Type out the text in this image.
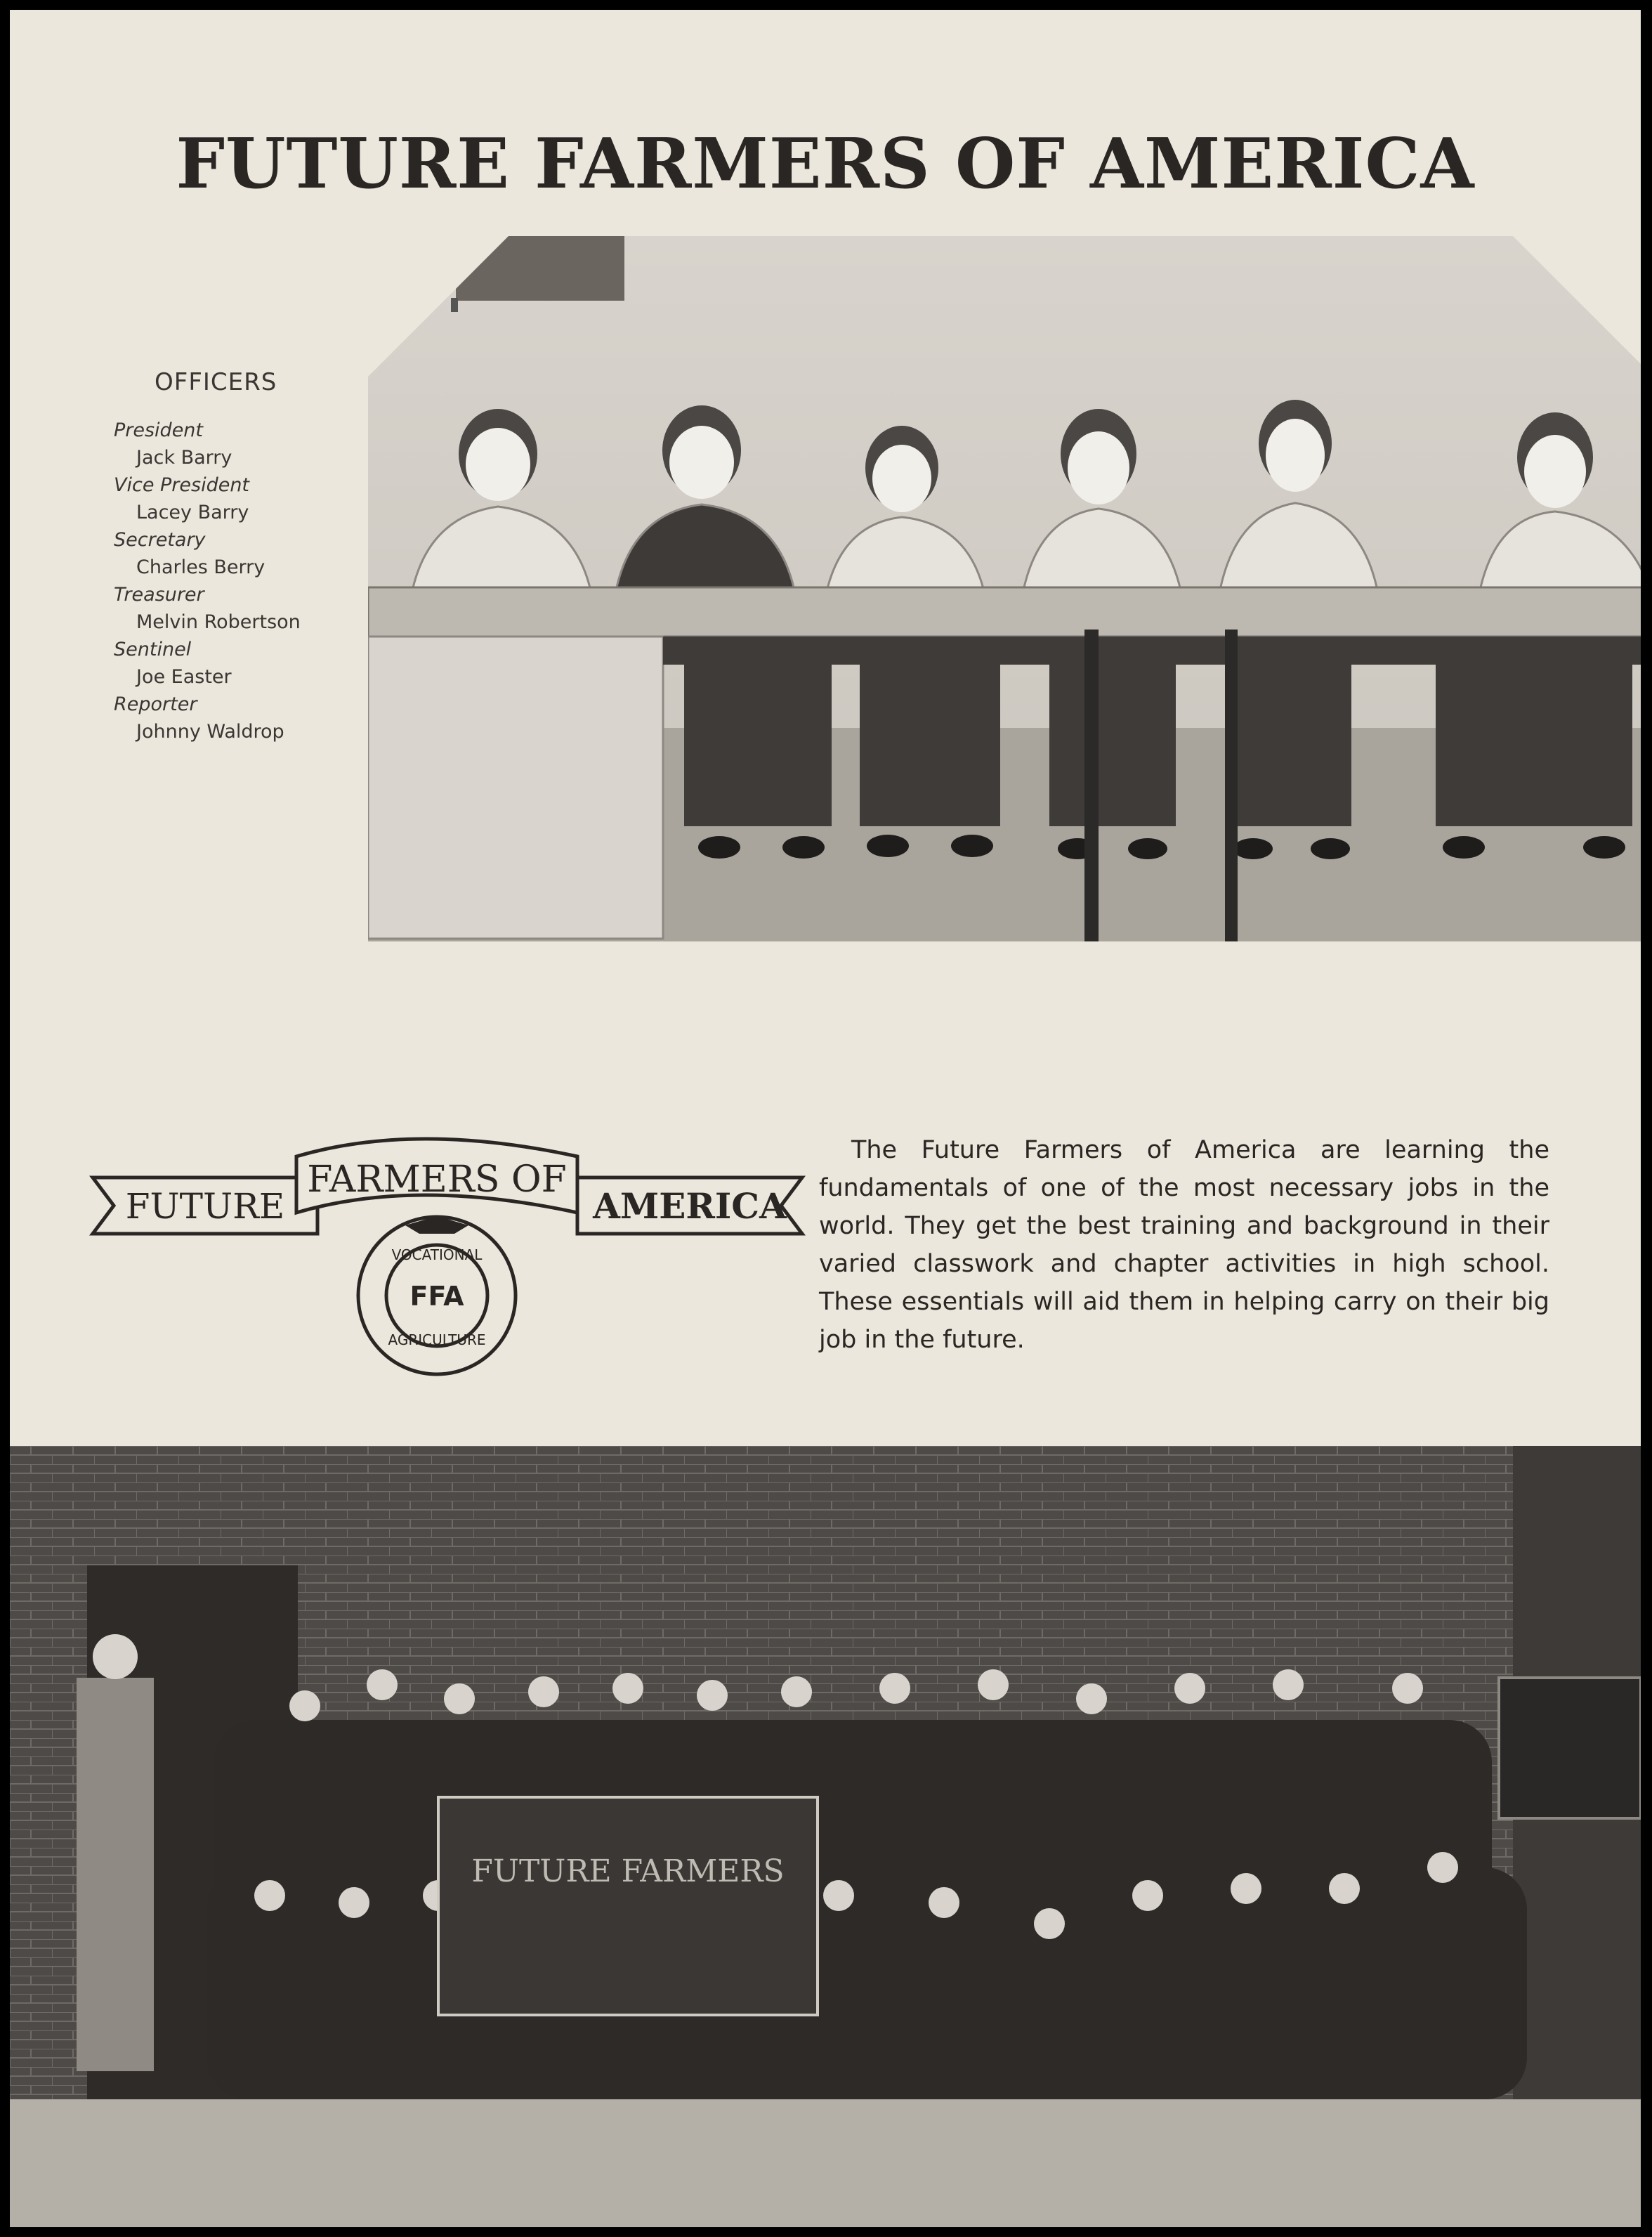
FUTURE FARMERS OF AMERICA

OFFICERS

President
Jack Barry
Vice President
Lacey Barry
Secretary
Charles Berry
Treasurer
Melvin Robertson
Sentinel
Joe Easter
Reporter
Johnny Waldrop
FUTURE
FARMERS OF
AMERICA
VOCATIONAL
AGRICULTURE
FFA

The Future Farmers of America are learning the fundamentals of one of the most necessary jobs in the world. They get the best training and background in their varied classwork and chapter activities in high school. These essentials will aid them in helping carry on their big job in the future.

FUTURE FARMERS
